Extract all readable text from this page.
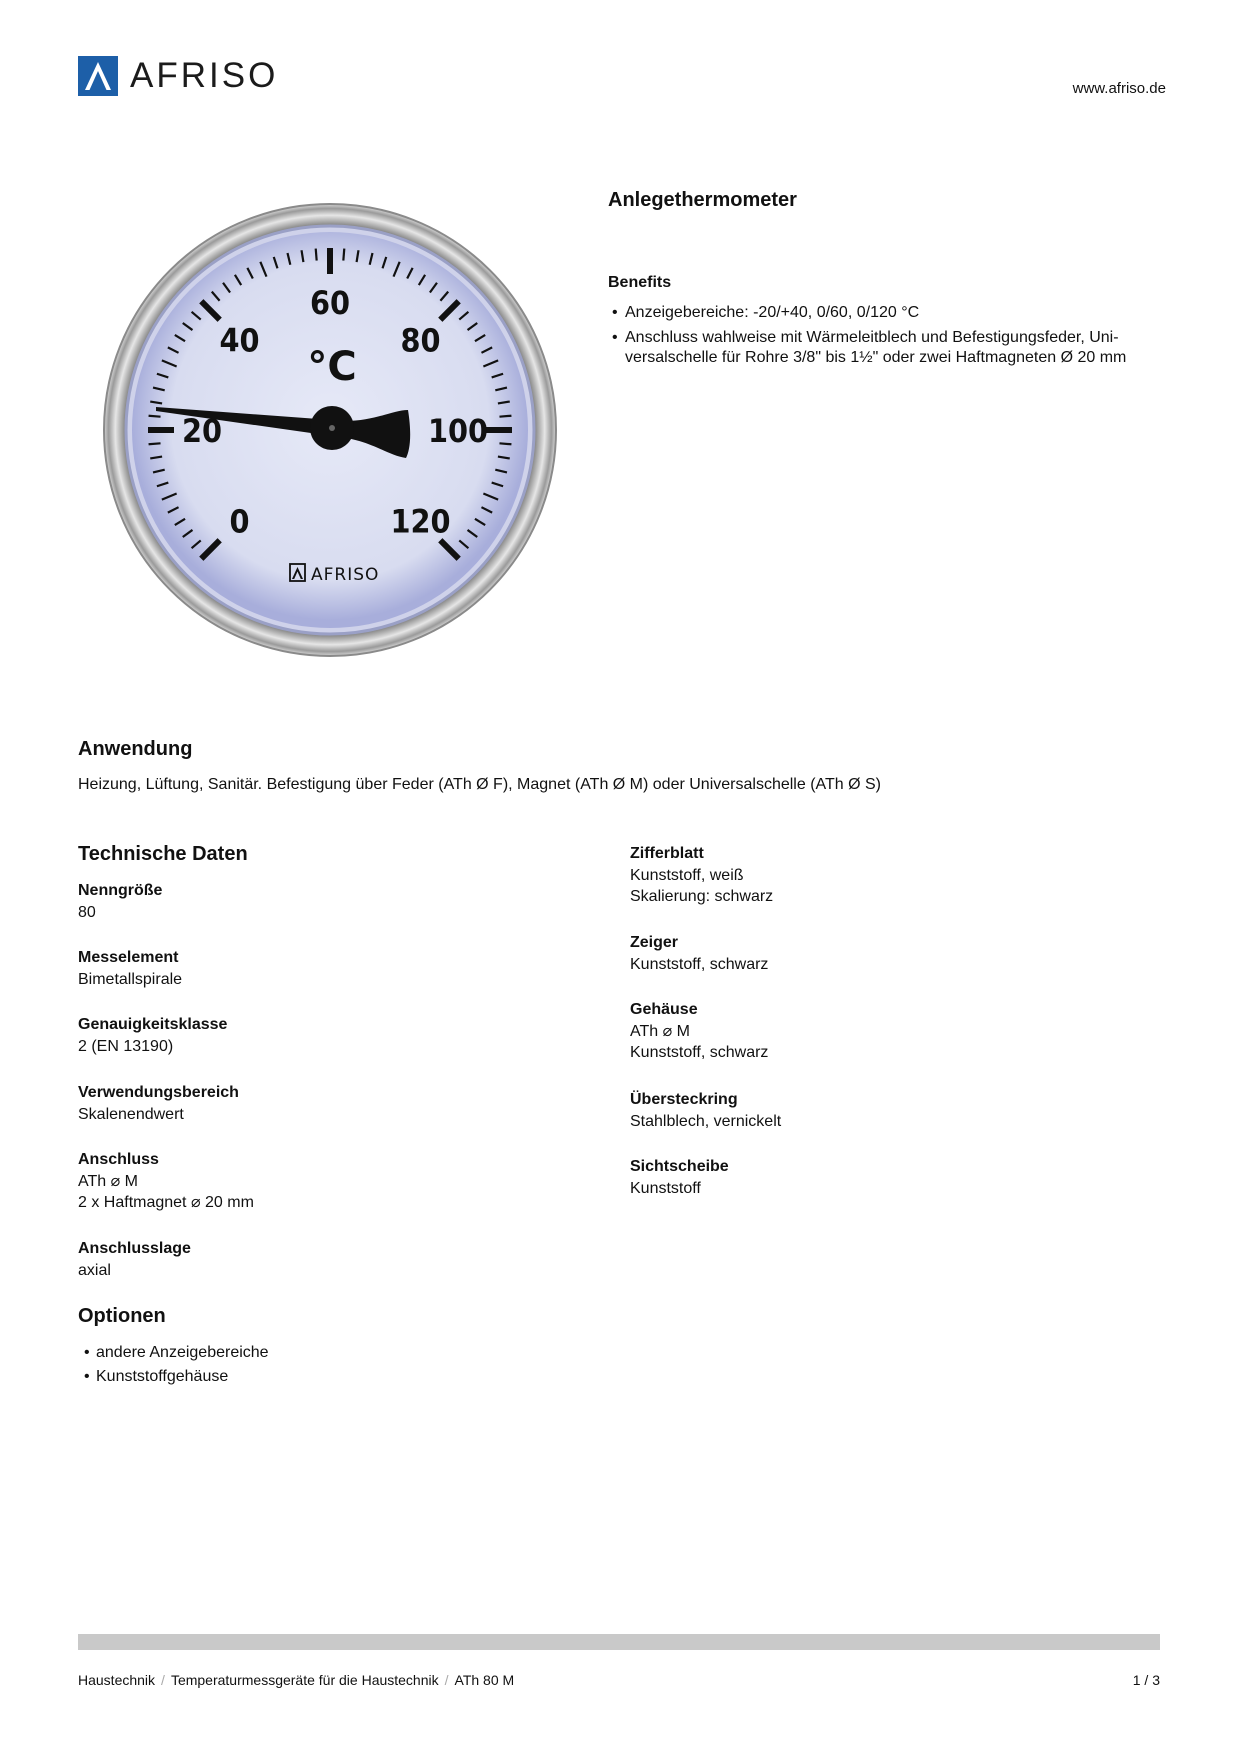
AFRISO	www.afriso.de
0
20
40
60
80
100
120
°C
AFRISO
Anlegethermometer
Benefits
• Anzeigebereiche: -20/+40, 0/60, 0/120 °C
• Anschluss wahlweise mit Wärmeleitblech und Befestigungsfeder, Uni-versalschelle für Rohre 3/8" bis 1½" oder zwei Haftmagneten Ø 20 mm
Anwendung
Heizung, Lüftung, Sanitär. Befestigung über Feder (ATh Ø F), Magnet (ATh Ø M) oder Universalschelle (ATh Ø S)
Technische Daten
Nenngröße
80
Messelement
Bimetallspirale
Genauigkeitsklasse
2 (EN 13190)
Verwendungsbereich
Skalenendwert
Anschluss
ATh ⌀ M
2 x Haftmagnet ⌀ 20 mm
Anschlusslage
axial
Zifferblatt
Kunststoff, weiß
Skalierung: schwarz
Zeiger
Kunststoff, schwarz
Gehäuse
ATh ⌀ M
Kunststoff, schwarz
Übersteckring
Stahlblech, vernickelt
Sichtscheibe
Kunststoff
Optionen
• andere Anzeigebereiche
• Kunststoffgehäuse
Haustechnik / Temperaturmessgeräte für die Haustechnik / ATh 80 M	1 / 3
